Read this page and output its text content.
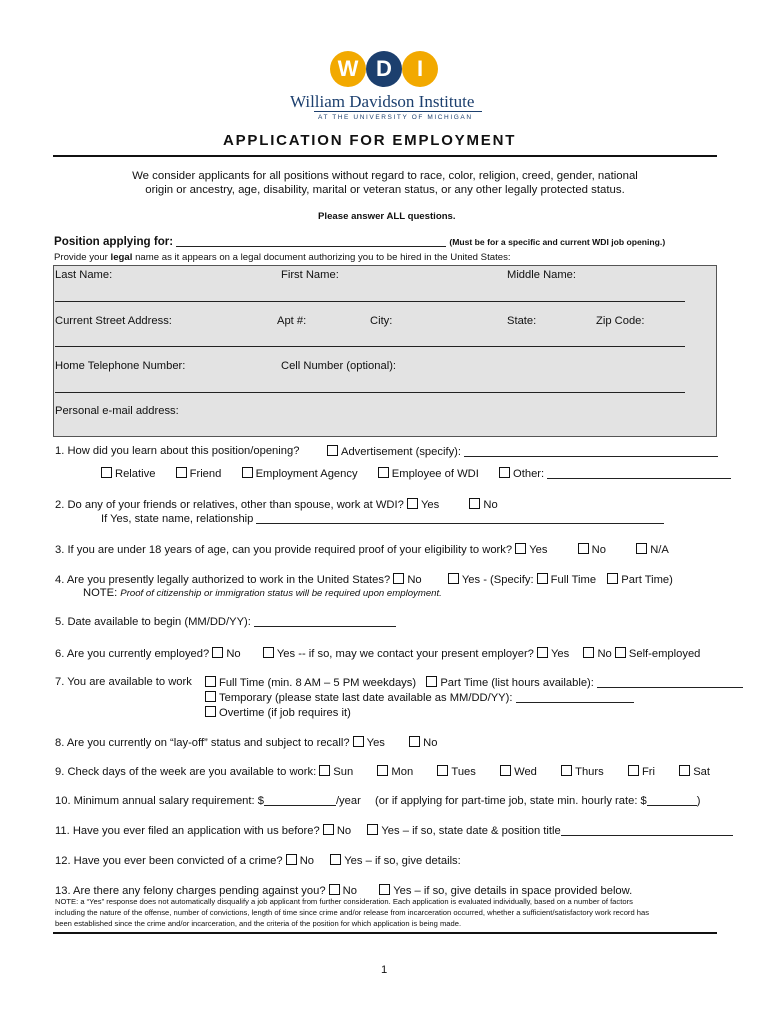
W D	I
William Davidson Institute
AT THE UNIVERSITY OF MICHIGAN
APPLICATION FOR EMPLOYMENT
We consider applicants for all positions without regard to race, color, religion, creed, gender, national
origin or ancestry, age, disability, marital or veteran status, or any other legally protected status.
Please answer ALL questions.
Position applying for:	(Must be for a specific and current WDI job opening.)
Provide your legal name as it appears on a legal document authorizing you to be hired in the United States:
Last Name:	First Name:	Middle Name:
Current Street Address:	Apt #:	City:	State:	Zip Code:
Home Telephone Number:	Cell Number (optional):
Personal e-mail address:
1. How did you learn about this position/opening?	Advertisement (specify):
Relative	Friend	Employment Agency	Employee of WDI	Other:
2. Do any of your friends or relatives, other than spouse, work at WDI? Yes	No
If Yes, state name, relationship
3. If you are under 18 years of age, can you provide required proof of your eligibility to work? Yes	No	N/A
4. Are you presently legally authorized to work in the United States? No	Yes - (Specify: Full Time Part Time)
NOTE: Proof of citizenship or immigration status will be required upon employment.
5. Date available to begin (MM/DD/YY):
6. Are you currently employed? No	Yes -- if so, may we contact your present employer? Yes	No Self-employed
7. You are available to work	Full Time (min. 8 AM – 5 PM weekdays) Part Time (list hours available):
Temporary (please state last date available as MM/DD/YY):
Overtime (if job requires it)
8. Are you currently on “lay-off” status and subject to recall? Yes	No
9. Check days of the week are you available to work: Sun	Mon	Tues	Wed	Thurs	Fri	Sat
10. Minimum annual salary requirement: $	/year (or if applying for part-time job, state min. hourly rate: $	)
11. Have you ever filed an application with us before? No	Yes – if so, state date & position title
12. Have you ever been convicted of a crime? No	Yes – if so, give details:
13. Are there any felony charges pending against you? No	Yes – if so, give details in space provided below.
NOTE: a “Yes” response does not automatically disqualify a job applicant from further consideration. Each application is evaluated individually, based on a number of factors
including the nature of the offense, number of convictions, length of time since crime and/or release from incarceration occurred, whether a sufficient/satisfactory work record has
been established since the crime and/or incarceration, and the criteria of the position for which application is being made.
1
